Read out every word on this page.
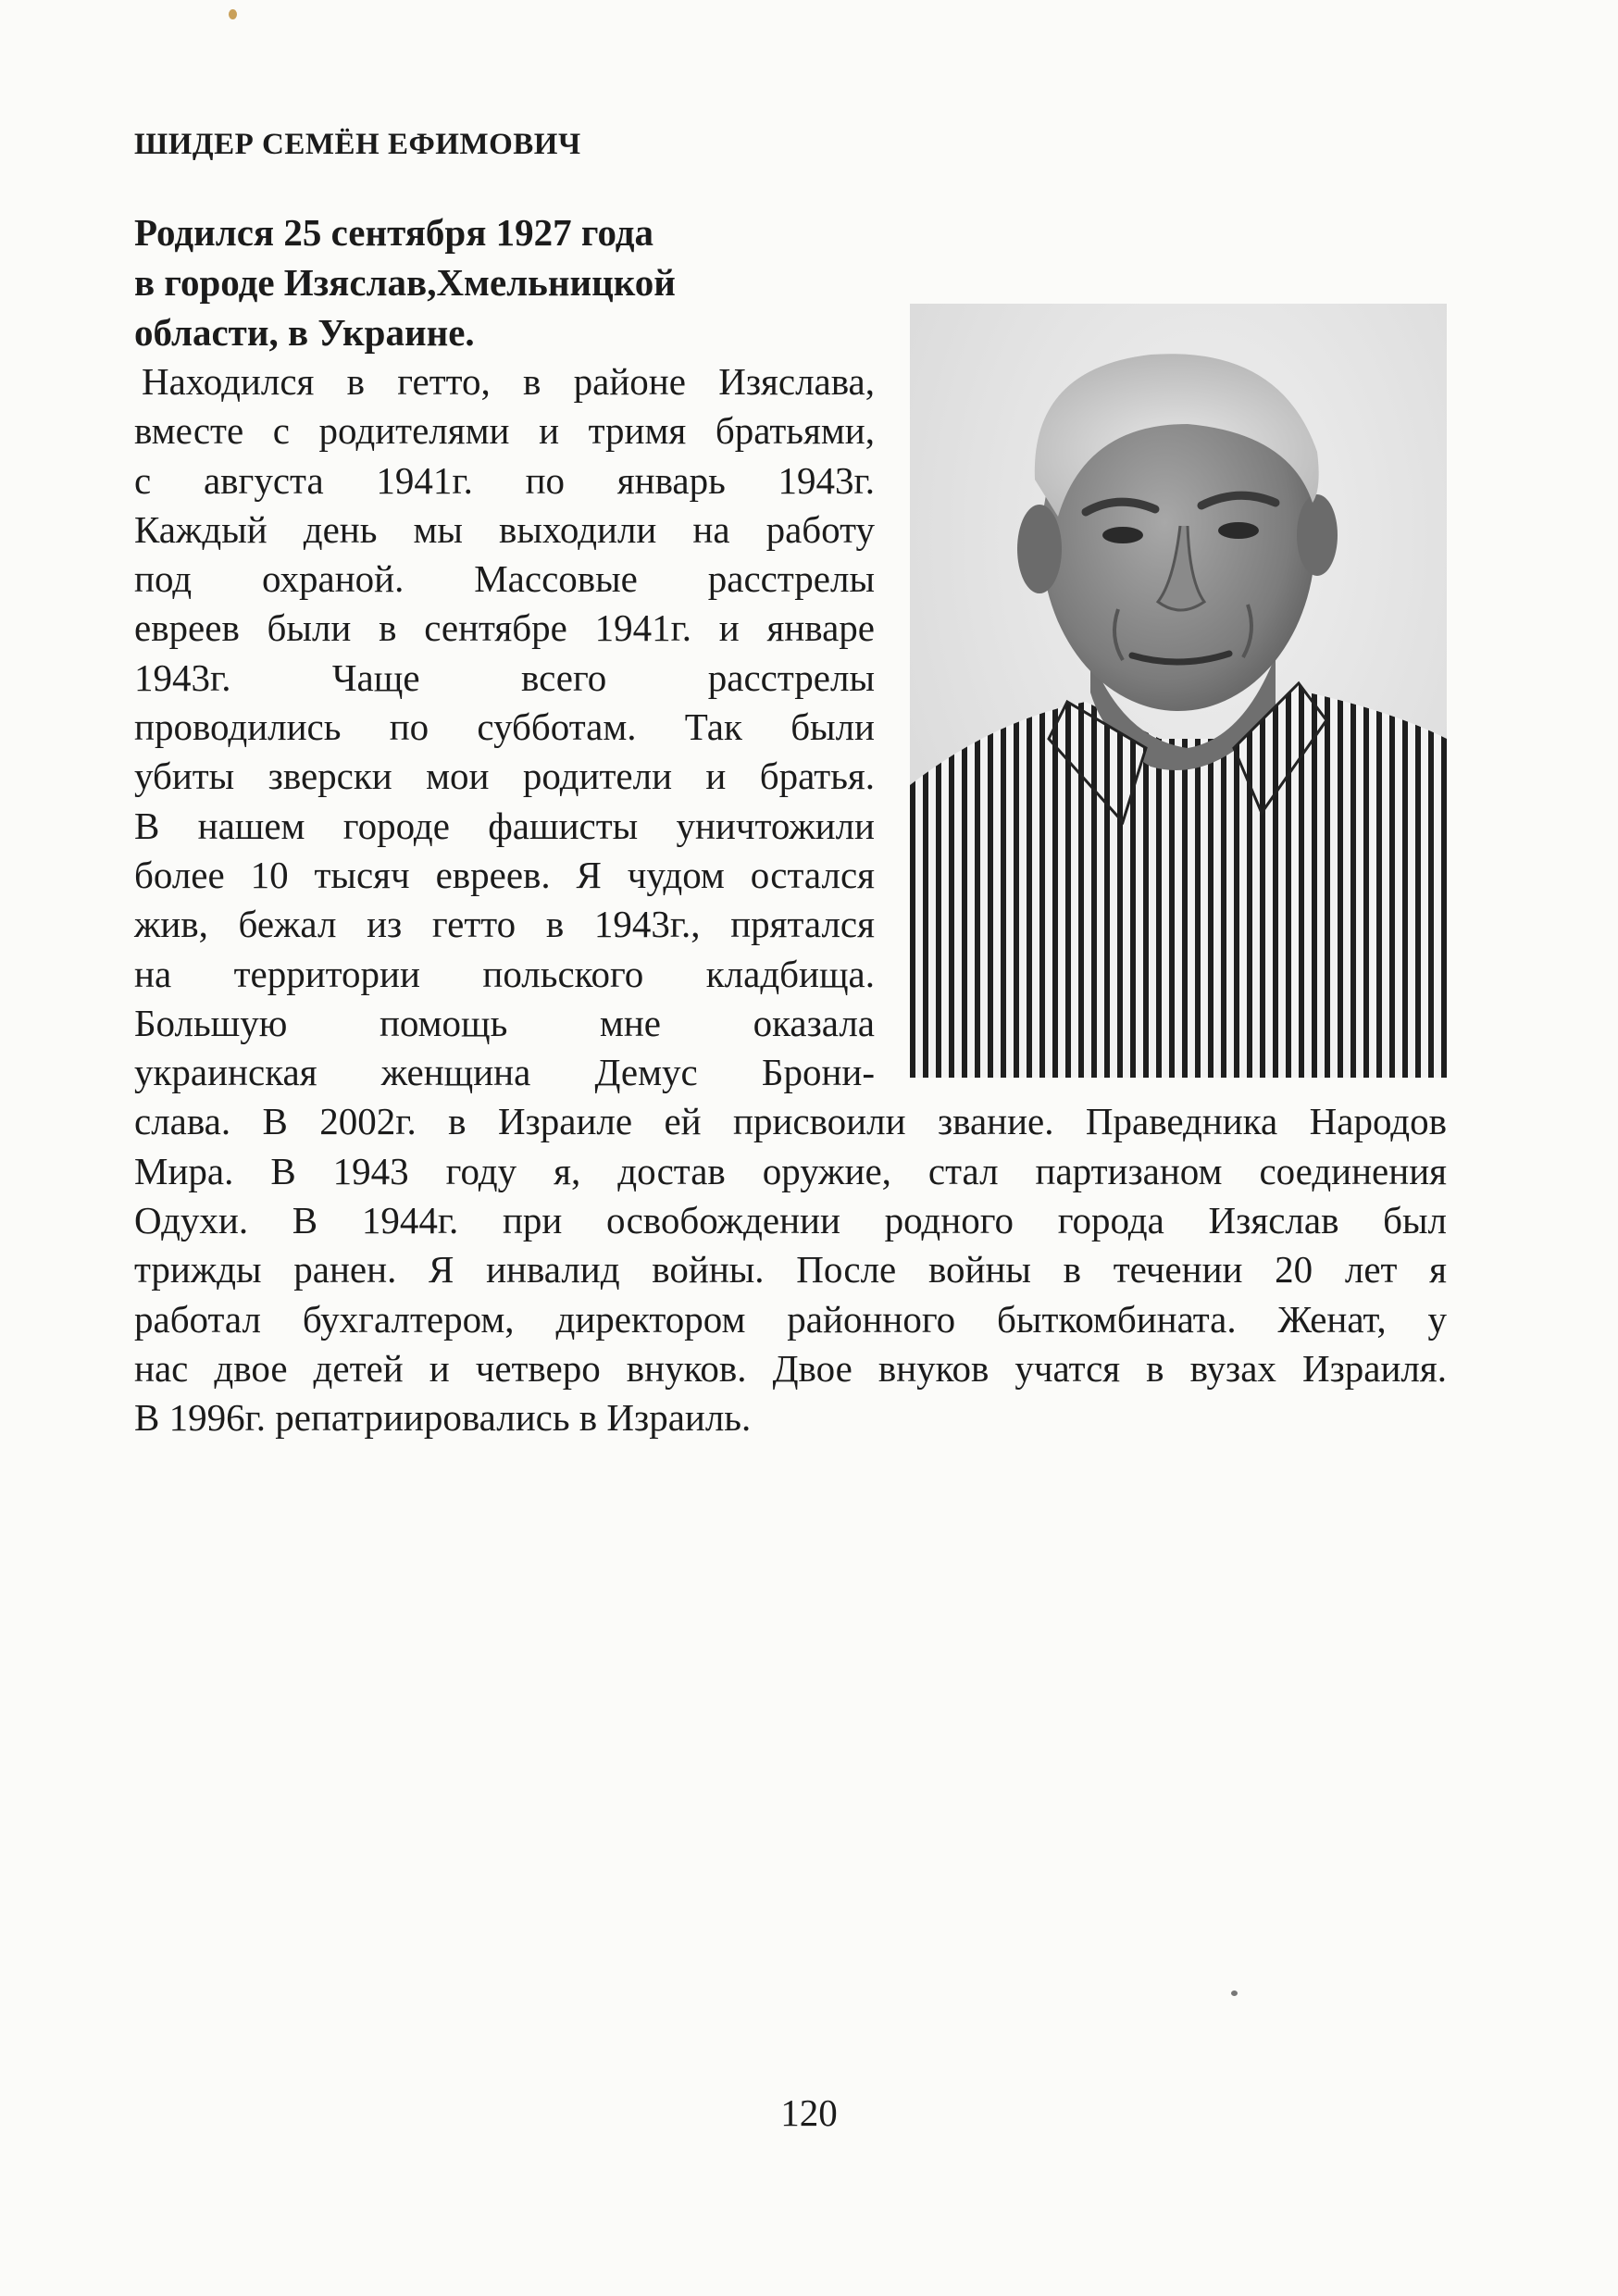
ШИДЕР СЕМЁН ЕФИМОВИЧ
Родился 25 сентября 1927 года
в городе Изяслав,Хмельницкой
области, в Украине.
Находился в гетто, в районе Изяслава,
вместе с родителями и тримя братьями,
с августа 1941г. по январь 1943г.
Каждый день мы выходили на работу
под охраной. Массовые расстрелы
евреев были в сентябре 1941г. и январе
1943г. Чаще всего расстрелы
проводились по субботам. Так были
убиты зверски мои родители и братья.
В нашем городе фашисты уничтожили
более 10 тысяч евреев. Я чудом остался
жив, бежал из гетто в 1943г., прятался
на территории польского кладбища.
Большую помощь мне оказала
украинская женщина Демус Брони-
слава. В 2002г. в Израиле ей присвоили звание. Праведника Народов
Мира. В 1943 году я, достав оружие, стал партизаном соединения
Одухи. В 1944г. при освобождении родного города Изяслав был
трижды ранен. Я инвалид войны. После войны в течении 20 лет я
работал бухгалтером, директором районного быткомбината. Женат, у
нас двое детей и четверо внуков. Двое внуков учатся в вузах Израиля.
В 1996г. репатриировались в Израиль.
120
